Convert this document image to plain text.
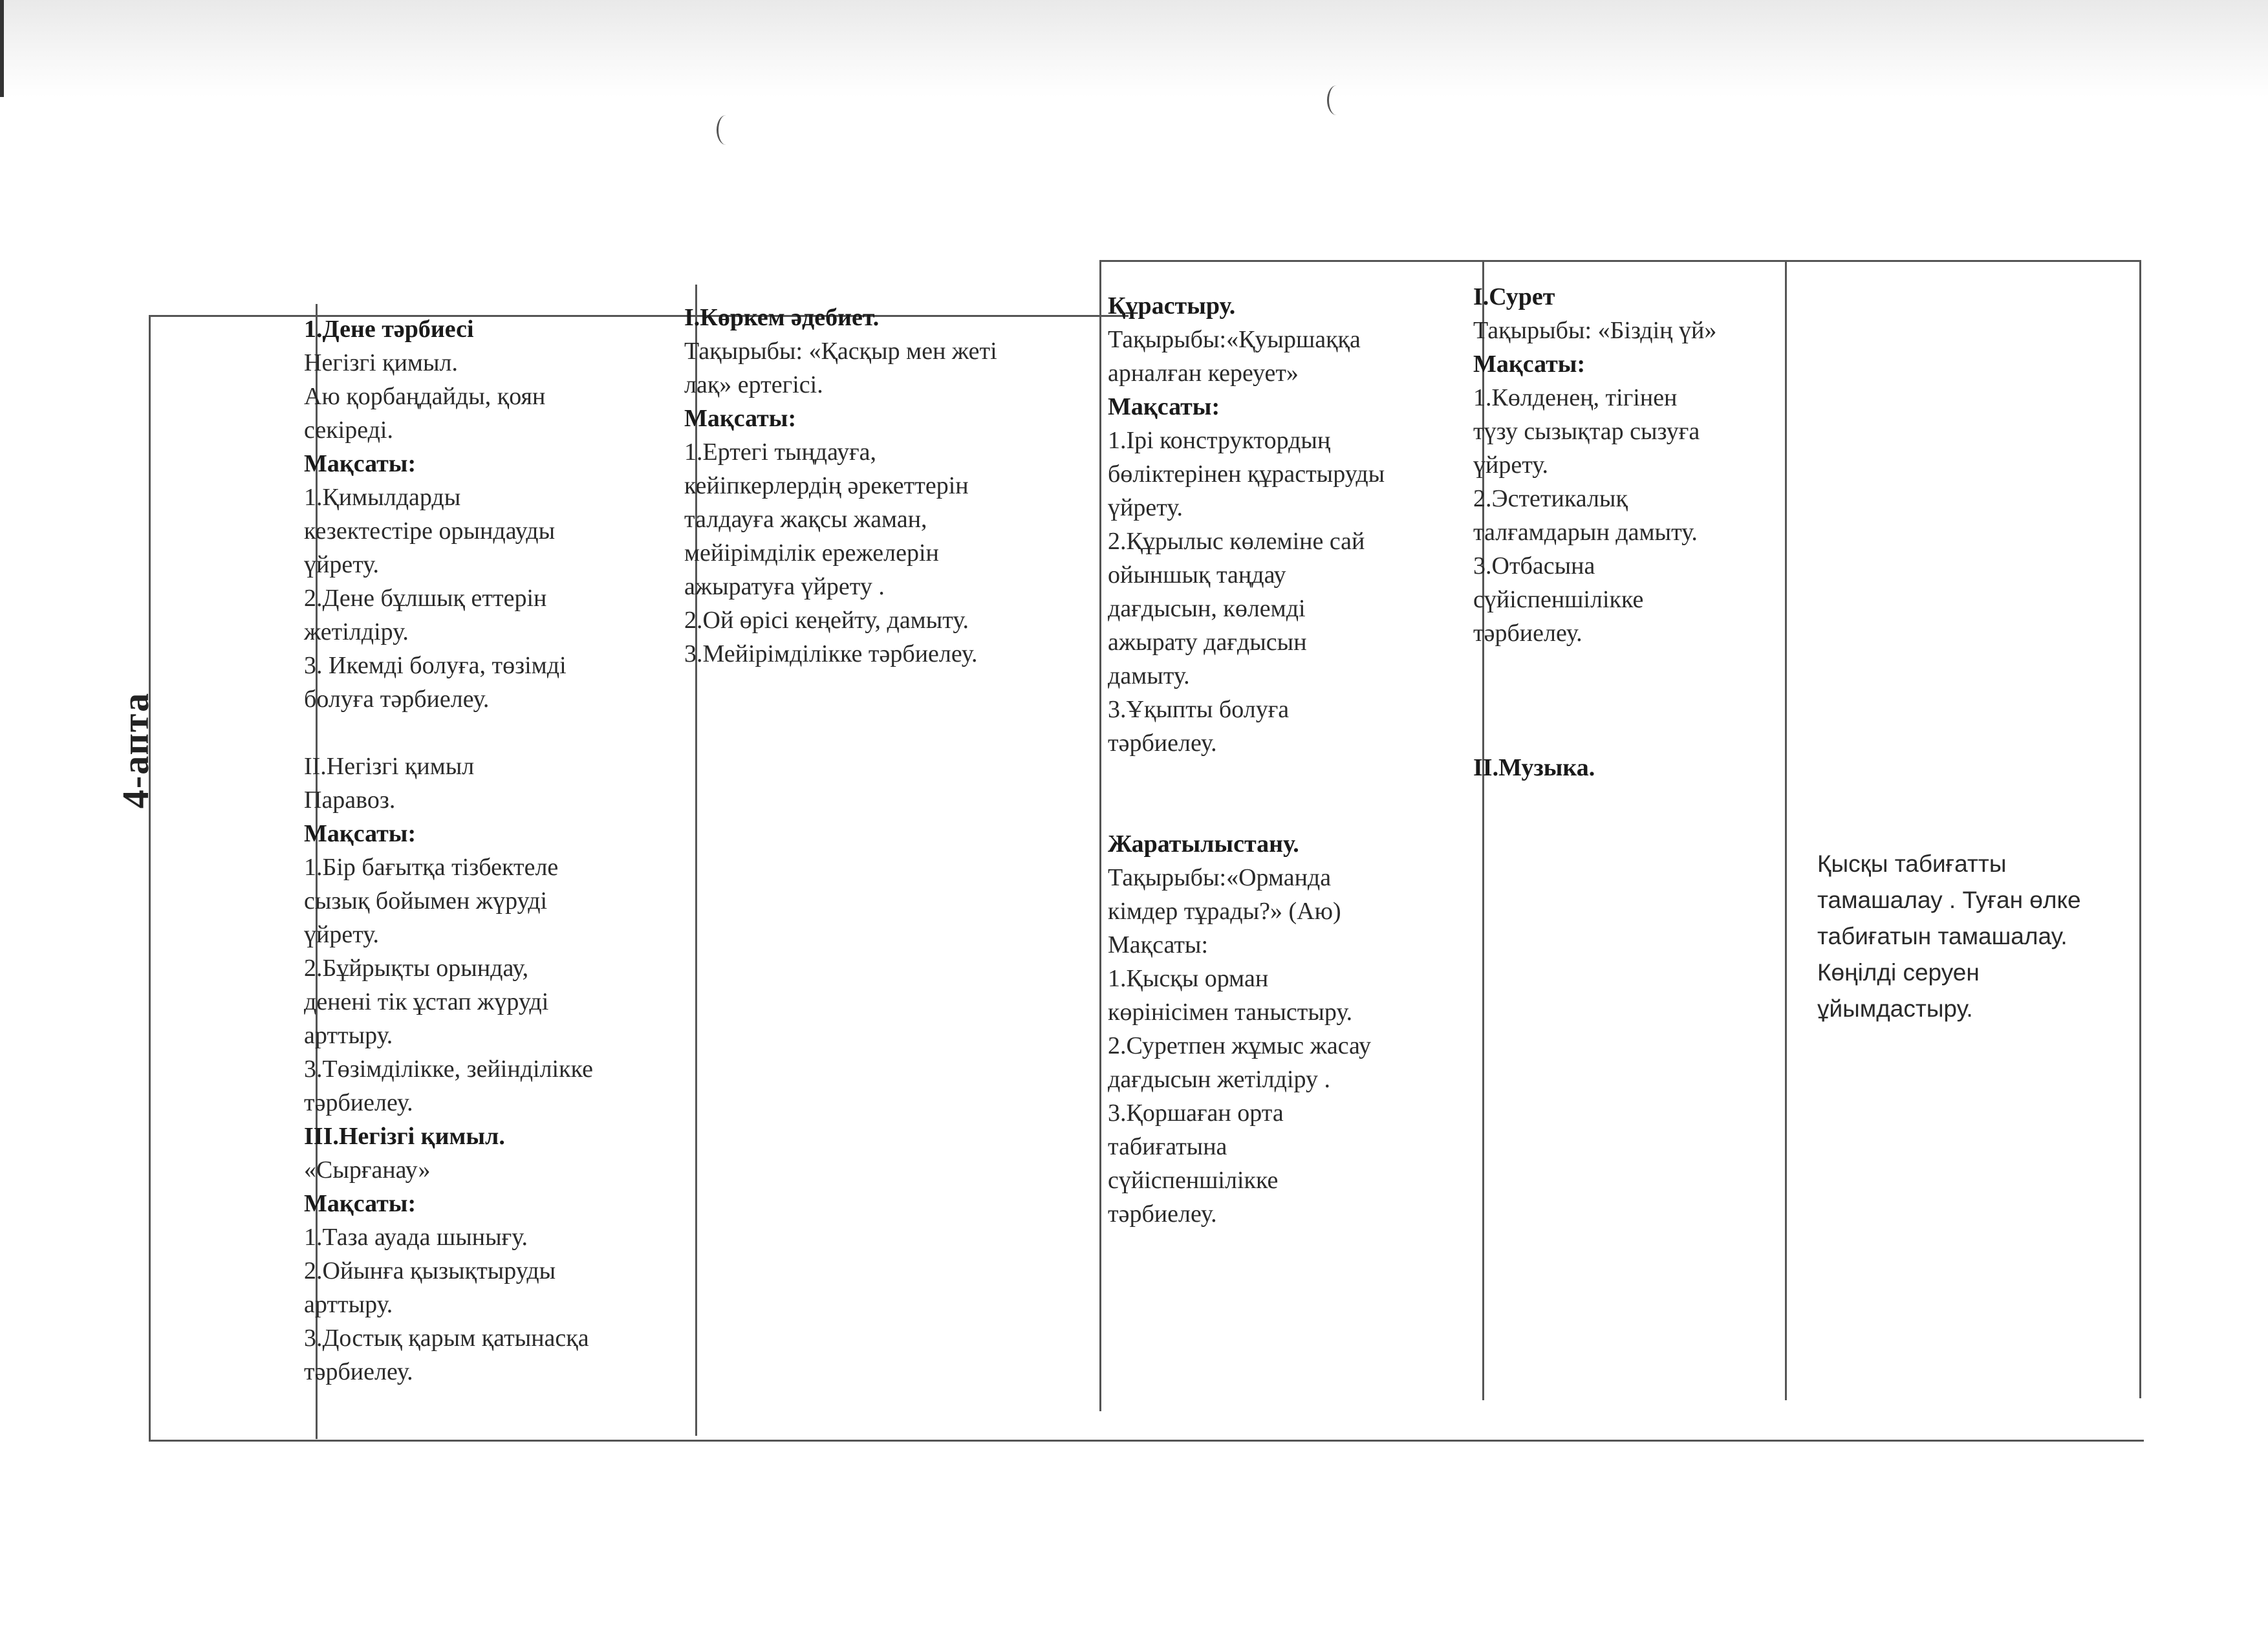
4-апта

1.Дене тәрбиесі

Негізгі қимыл.

Аю қорбаңдайды, қоян

секіреді.

Мақсаты:

1.Қимылдарды

кезектестіре орындауды

үйрету.

2.Дене бұлшық еттерін

жетілдіру.

3. Икемді болуға, төзімді

болуға тәрбиелеу.

II.Негізгі қимыл

Паравоз.

Мақсаты:

1.Бір бағытқа тізбектеле

сызық бойымен жүруді

үйрету.

2.Бұйрықты орындау,

денені тік ұстап жүруді

арттыру.

3.Төзімділікке, зейінділікке

тәрбиелеу.

III.Негізгі қимыл.

«Сырғанау»

Мақсаты:

1.Таза ауада шынығу.

2.Ойынға қызықтыруды

арттыру.

3.Достық қарым қатынасқа

тәрбиелеу.

I.Көркем әдебиет.

Тақырыбы: «Қасқыр мен жеті

лақ» ертегісі.

Мақсаты:

1.Ертегі тыңдауға,

кейіпкерлердің әрекеттерін

талдауға жақсы жаман,

мейірімділік ережелерін

ажыратуға үйрету .

2.Ой өрісі кеңейту, дамыту.

3.Мейірімділікке тәрбиелеу.

Құрастыру.

Тақырыбы:«Қуыршаққа

арналған кереует»

Мақсаты:

1.Ірі конструктордың

бөліктерінен құрастыруды

үйрету.

2.Құрылыс көлеміне сай

ойыншық таңдау

дағдысын, көлемді

ажырату дағдысын

дамыту.

3.Ұқыпты болуға

тәрбиелеу.

Жаратылыстану.

Тақырыбы:«Орманда

кімдер тұрады?» (Аю)

Мақсаты:

1.Қысқы орман

көрінісімен таныстыру.

2.Суретпен жұмыс жасау

дағдысын жетілдіру .

3.Қоршаған орта

табиғатына

сүйіспеншілікке

тәрбиелеу.

I.Сурет

Тақырыбы: «Біздің үй»

Мақсаты:

1.Көлденең, тігінен

түзу сызықтар сызуға

үйрету.

2.Эстетикалық

талғамдарын дамыту.

3.Отбасына

сүйіспеншілікке

тәрбиелеу.

II.Музыка.

Қысқы табиғатты

тамашалау . Туған өлке

табиғатын тамашалау.

Көңілді серуен

ұйымдастыру.
